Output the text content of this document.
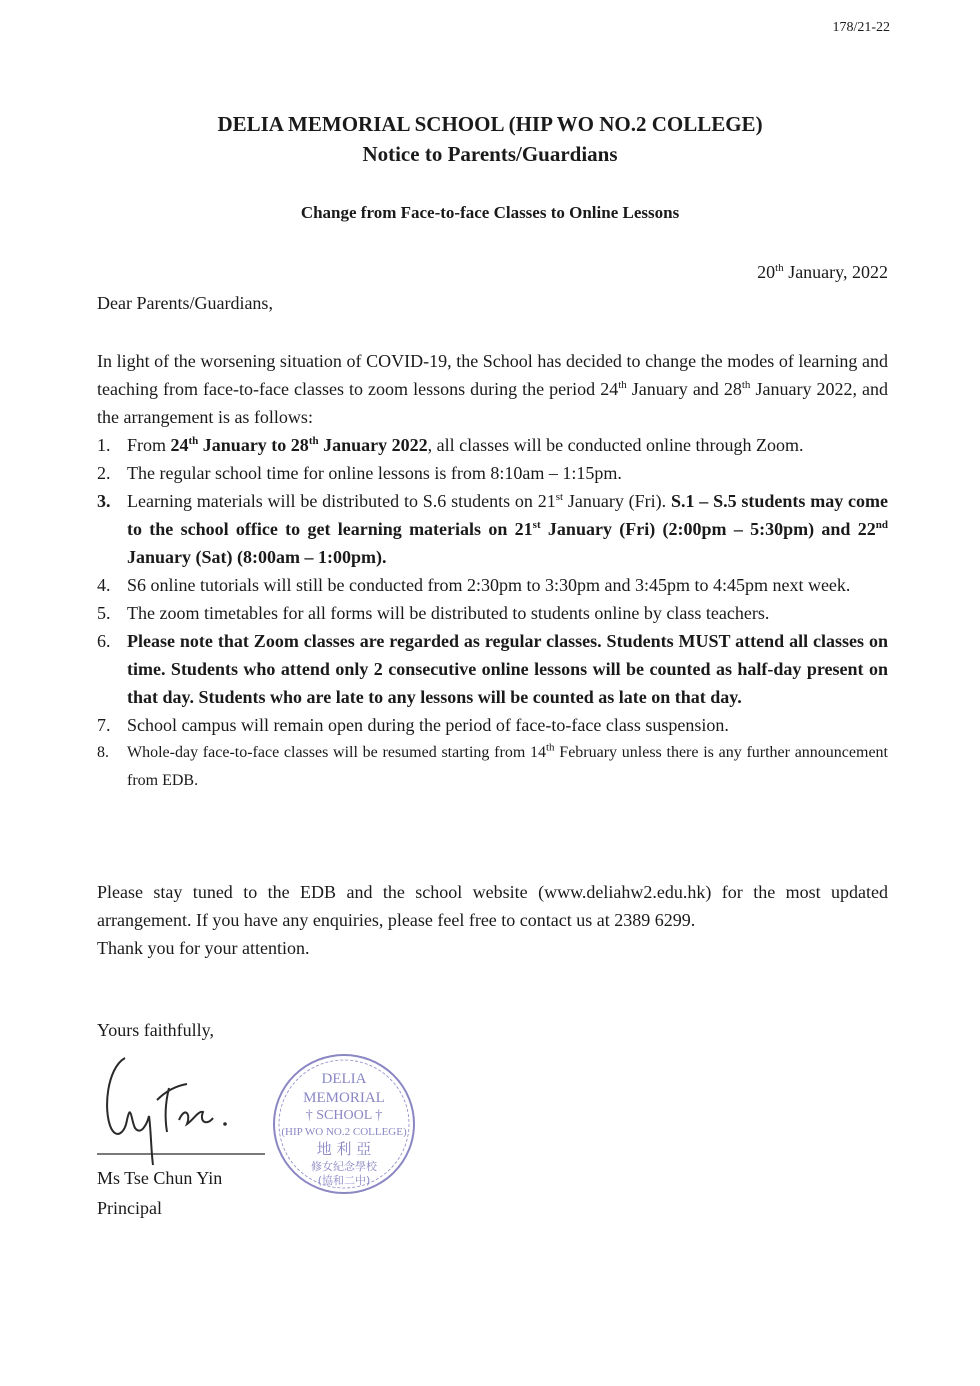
178/21-22
DELIA MEMORIAL SCHOOL (HIP WO NO.2 COLLEGE)
Notice to Parents/Guardians
Change from Face-to-face Classes to Online Lessons
20th January, 2022
Dear Parents/Guardians,
In light of the worsening situation of COVID-19, the School has decided to change the modes of learning and teaching from face-to-face classes to zoom lessons during the period 24th January and 28th January 2022, and the arrangement is as follows:
1. From 24th January to 28th January 2022, all classes will be conducted online through Zoom.
2. The regular school time for online lessons is from 8:10am – 1:15pm.
3. Learning materials will be distributed to S.6 students on 21st January (Fri). S.1 – S.5 students may come to the school office to get learning materials on 21st January (Fri) (2:00pm – 5:30pm) and 22nd January (Sat) (8:00am – 1:00pm).
4. S6 online tutorials will still be conducted from 2:30pm to 3:30pm and 3:45pm to 4:45pm next week.
5. The zoom timetables for all forms will be distributed to students online by class teachers.
6. Please note that Zoom classes are regarded as regular classes. Students MUST attend all classes on time. Students who attend only 2 consecutive online lessons will be counted as half-day present on that day. Students who are late to any lessons will be counted as late on that day.
7. School campus will remain open during the period of face-to-face class suspension.
8.	Whole-day face-to-face classes will be resumed starting from 14th February unless there is any further announcement from EDB.
Please stay tuned to the EDB and the school website (www.deliahw2.edu.hk) for the most updated arrangement. If you have any enquiries, please feel free to contact us at 2389 6299.
Thank you for your attention.
Yours faithfully,
Ms Tse Chun Yin
Principal
DELIA
MEMORIAL
† SCHOOL †
(HIP WO NO.2 COLLEGE)
地 利 亞
修女紀念學校
(協和二中)
